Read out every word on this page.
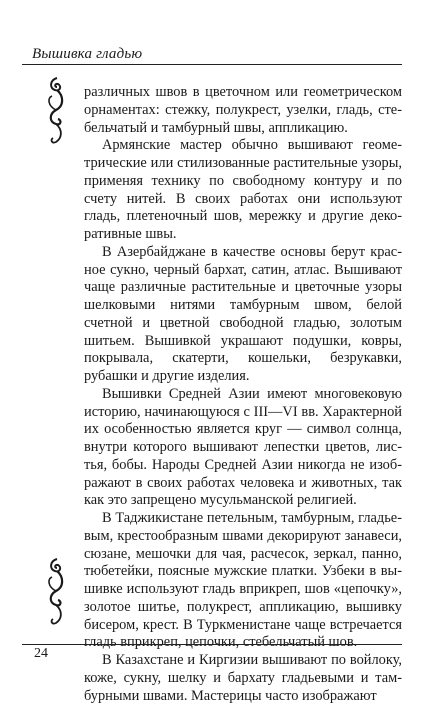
Вышивка гладью

различных швов в цветочном или геометрическом орнаментах: стежку, полукрест, узелки, гладь, стебельчатый и тамбурный швы, аппликацию.

Армянские мастер обычно вышивают геометрические или стилизованные растительные узоры, применяя технику по свободному контуру и по счету нитей. В своих работах они используют гладь, плетеночный шов, мережку и другие декоративные швы.

В Азербайджане в качестве основы берут красное сукно, черный бархат, сатин, атлас. Вышивают чаще различные растительные и цветочные узоры шелковыми нитями тамбурным швом, белой счетной и цветной свободной гладью, золотым шитьем. Вышивкой украшают подушки, ковры, покрывала, скатерти, кошельки, безрукавки, рубашки и другие изделия.

Вышивки Средней Азии имеют многовековую историю, начинающуюся с III—VI вв. Характерной их особенностью является круг — символ солнца, внутри которого вышивают лепестки цветов, листья, бобы. Народы Средней Азии никогда не изображают в своих работах человека и животных, так как это запрещено мусульманской религией.

В Таджикистане петельным, тамбурным, гладьевым, крестообразным швами декорируют занавеси, сюзане, мешочки для чая, расчесок, зеркал, панно, тюбетейки, поясные мужские платки. Узбеки в вышивке используют гладь вприкреп, шов «цепочку», золотое шитье, полукрест, аппликацию, вышивку бисером, крест. В Туркменистане чаще встречается гладь вприкреп, цепочки, стебельчатый шов.

В Казахстане и Киргизии вышивают по войлоку, коже, сукну, шелку и бархату гладьевыми и тамбурными швами. Мастерицы часто изображают

24
